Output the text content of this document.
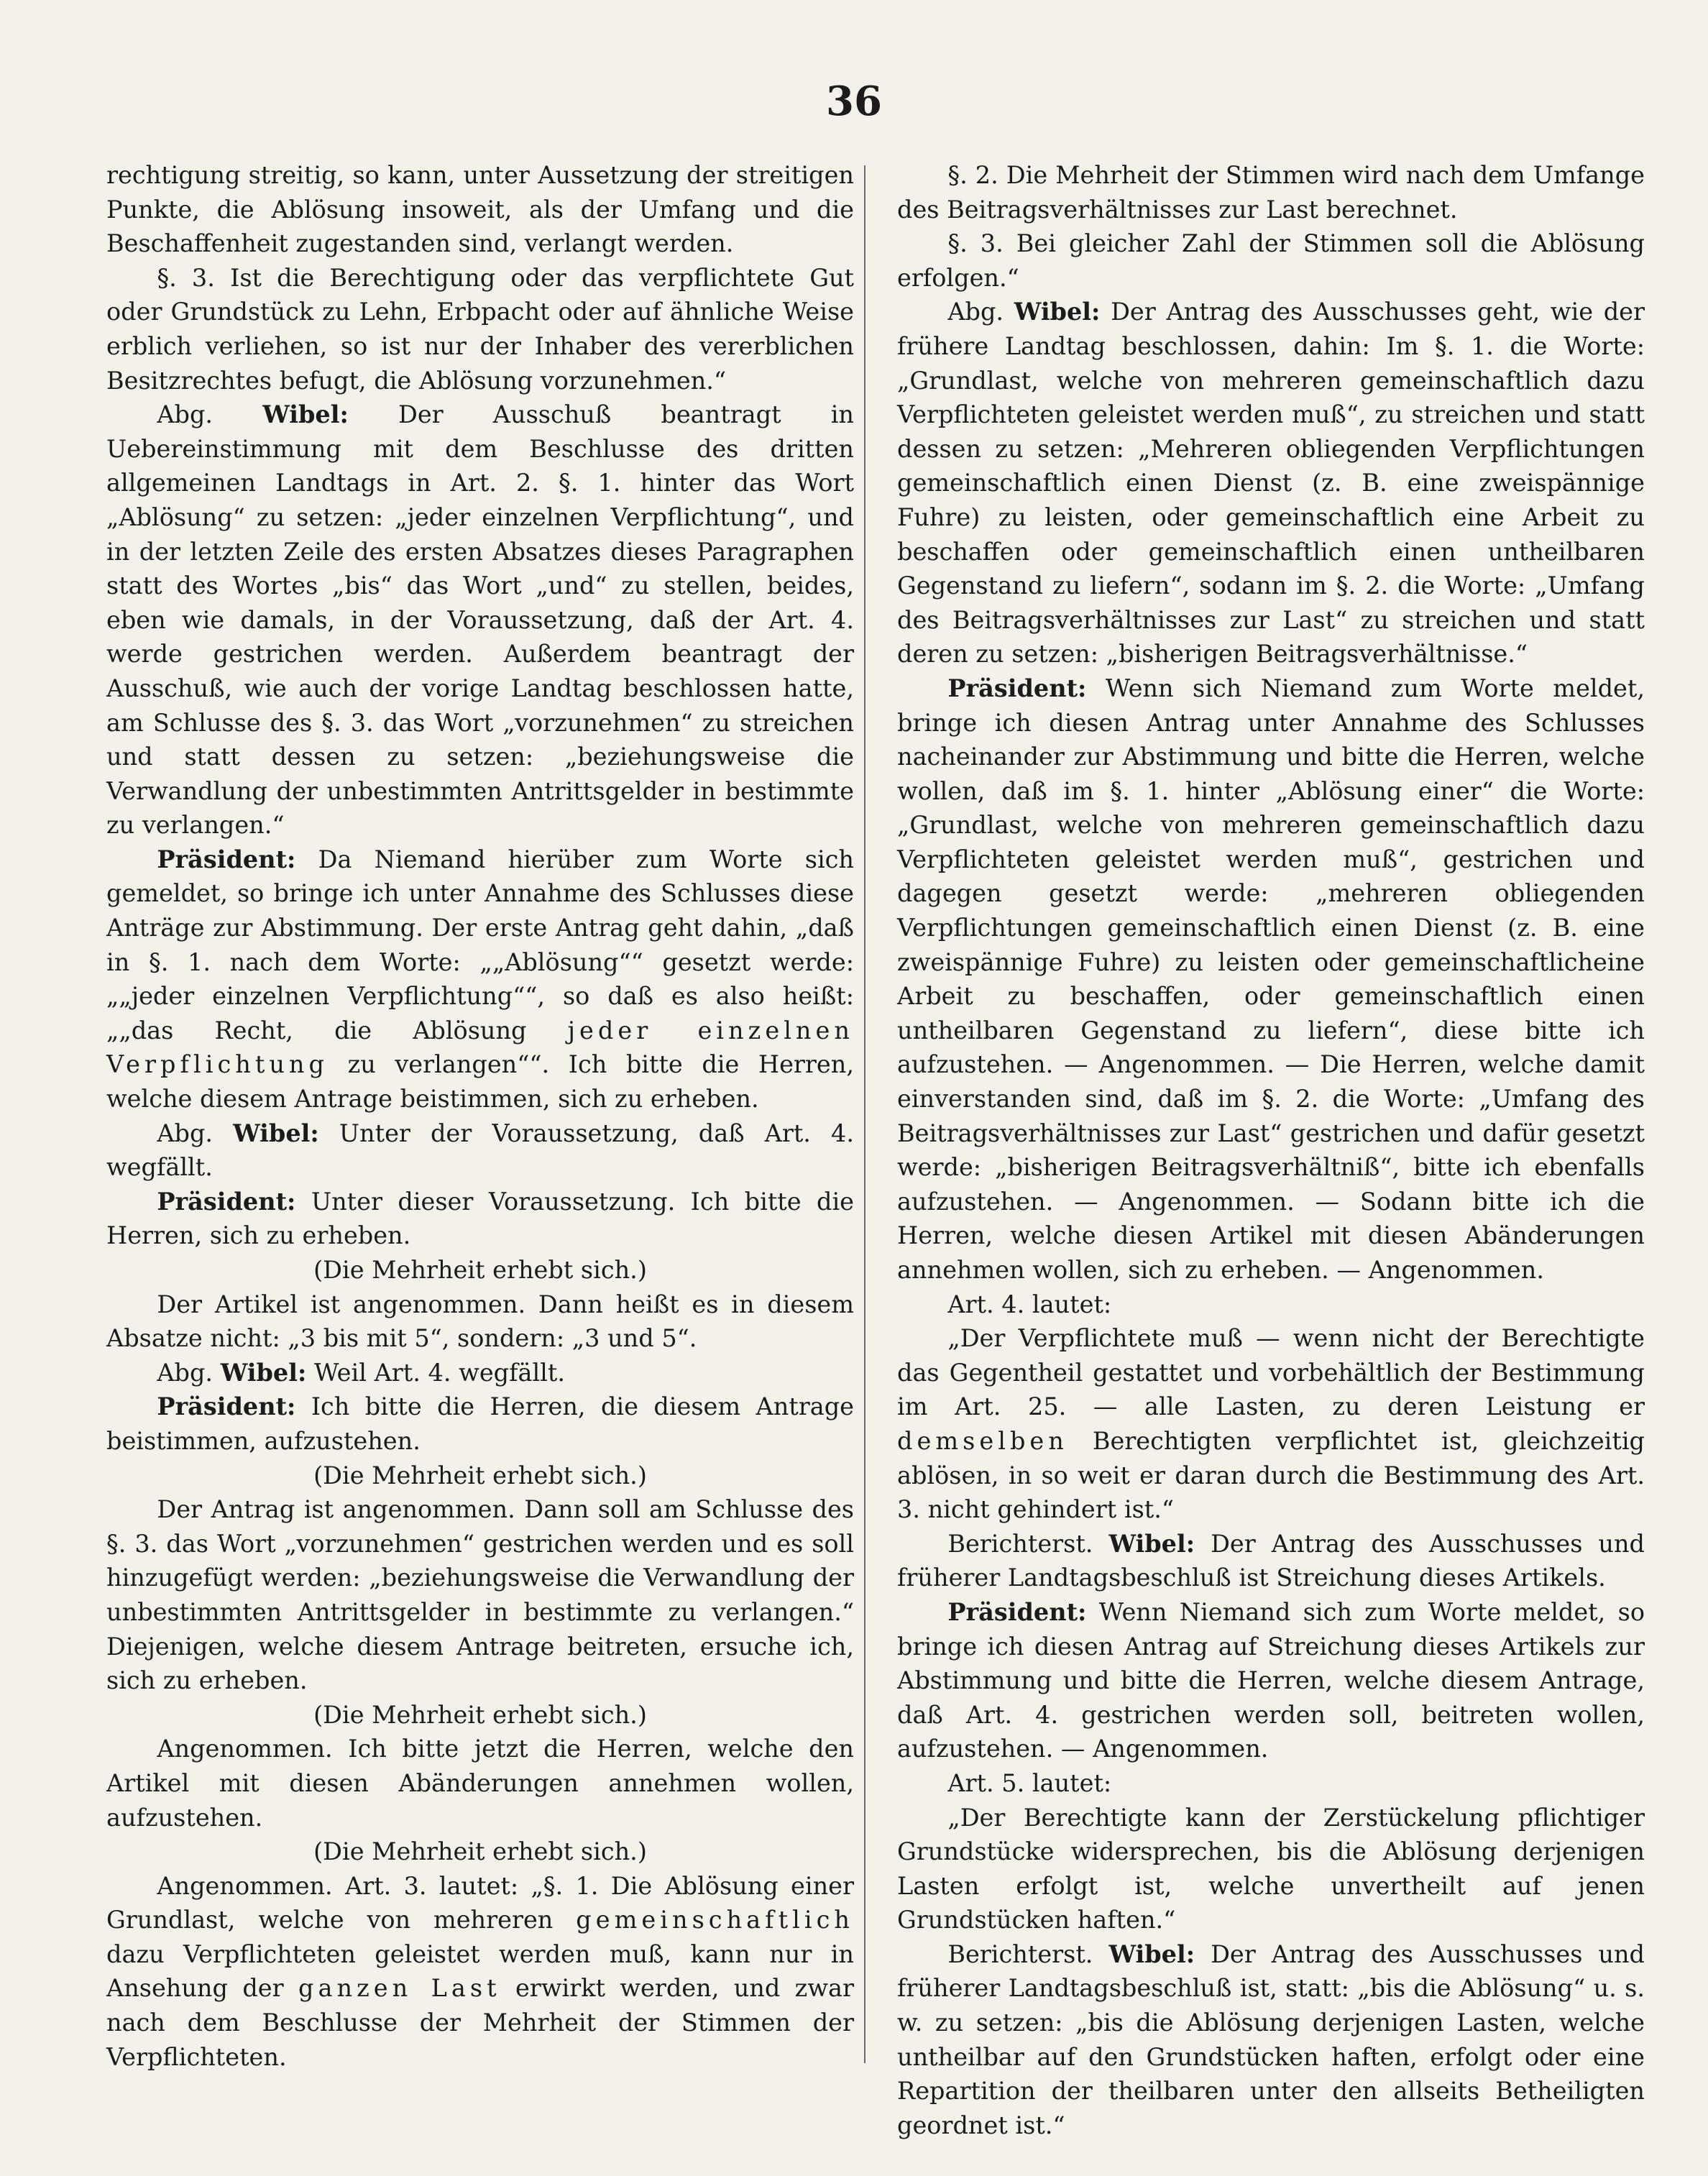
36

rechtigung streitig, so kann, unter Aussetzung der streitigen Punkte, die Ablösung insoweit, als der Umfang und die Beschaffenheit zugestanden sind, verlangt werden.

§. 3. Ist die Berechtigung oder das verpflichtete Gut oder Grundstück zu Lehn, Erbpacht oder auf ähnliche Weise erblich verliehen, so ist nur der Inhaber des vererblichen Besitzrechtes befugt, die Ablösung vorzunehmen.“

Abg. Wibel: Der Ausschuß beantragt in Uebereinstimmung mit dem Beschlusse des dritten allgemeinen Landtags in Art. 2. §. 1. hinter das Wort „Ablösung“ zu setzen: „jeder einzelnen Verpflichtung“, und in der letzten Zeile des ersten Absatzes dieses Paragraphen statt des Wortes „bis“ das Wort „und“ zu stellen, beides, eben wie damals, in der Voraussetzung, daß der Art. 4. werde gestrichen werden. Außerdem beantragt der Ausschuß, wie auch der vorige Landtag beschlossen hatte, am Schlusse des §. 3. das Wort „vorzunehmen“ zu streichen und statt dessen zu setzen: „beziehungsweise die Verwandlung der unbestimmten Antrittsgelder in bestimmte zu verlangen.“

Präsident: Da Niemand hierüber zum Worte sich gemeldet, so bringe ich unter Annahme des Schlusses diese Anträge zur Abstimmung. Der erste Antrag geht dahin, „daß in §. 1. nach dem Worte: „„Ablösung““ gesetzt werde: „„jeder einzelnen Verpflichtung““, so daß es also heißt: „„das Recht, die Ablösung jeder einzelnen Verpflichtung zu verlangen““. Ich bitte die Herren, welche diesem Antrage beistimmen, sich zu erheben.

Abg. Wibel: Unter der Voraussetzung, daß Art. 4. wegfällt.

Präsident: Unter dieser Voraussetzung. Ich bitte die Herren, sich zu erheben.

(Die Mehrheit erhebt sich.)

Der Artikel ist angenommen. Dann heißt es in diesem Absatze nicht: „3 bis mit 5“, sondern: „3 und 5“.

Abg. Wibel: Weil Art. 4. wegfällt.

Präsident: Ich bitte die Herren, die diesem Antrage beistimmen, aufzustehen.

(Die Mehrheit erhebt sich.)

Der Antrag ist angenommen. Dann soll am Schlusse des §. 3. das Wort „vorzunehmen“ gestrichen werden und es soll hinzugefügt werden: „beziehungsweise die Verwandlung der unbestimmten Antrittsgelder in bestimmte zu verlangen.“ Diejenigen, welche diesem Antrage beitreten, ersuche ich, sich zu erheben.

(Die Mehrheit erhebt sich.)

Angenommen. Ich bitte jetzt die Herren, welche den Artikel mit diesen Abänderungen annehmen wollen, aufzustehen.

(Die Mehrheit erhebt sich.)

Angenommen. Art. 3. lautet: „§. 1. Die Ablösung einer Grundlast, welche von mehreren gemeinschaftlich dazu Verpflichteten geleistet werden muß, kann nur in Ansehung der ganzen Last erwirkt werden, und zwar nach dem Beschlusse der Mehrheit der Stimmen der Verpflichteten.

§. 2. Die Mehrheit der Stimmen wird nach dem Umfange des Beitragsverhältnisses zur Last berechnet.

§. 3. Bei gleicher Zahl der Stimmen soll die Ablösung erfolgen.“

Abg. Wibel: Der Antrag des Ausschusses geht, wie der frühere Landtag beschlossen, dahin: Im §. 1. die Worte: „Grundlast, welche von mehreren gemeinschaftlich dazu Verpflichteten geleistet werden muß“, zu streichen und statt dessen zu setzen: „Mehreren obliegenden Verpflichtungen gemeinschaftlich einen Dienst (z. B. eine zweispännige Fuhre) zu leisten, oder gemeinschaftlich eine Arbeit zu beschaffen oder gemeinschaftlich einen untheilbaren Gegenstand zu liefern“, sodann im §. 2. die Worte: „Umfang des Beitragsverhältnisses zur Last“ zu streichen und statt deren zu setzen: „bisherigen Beitragsverhältnisse.“

Präsident: Wenn sich Niemand zum Worte meldet, bringe ich diesen Antrag unter Annahme des Schlusses nacheinander zur Abstimmung und bitte die Herren, welche wollen, daß im §. 1. hinter „Ablösung einer“ die Worte: „Grundlast, welche von mehreren gemeinschaftlich dazu Verpflichteten geleistet werden muß“, gestrichen und dagegen gesetzt werde: „mehreren obliegenden Verpflichtungen gemeinschaftlich einen Dienst (z. B. eine zweispännige Fuhre) zu leisten oder gemeinschaftlicheine Arbeit zu beschaffen, oder gemeinschaftlich einen untheilbaren Gegenstand zu liefern“, diese bitte ich aufzustehen. — Angenommen. — Die Herren, welche damit einverstanden sind, daß im §. 2. die Worte: „Umfang des Beitragsverhältnisses zur Last“ gestrichen und dafür gesetzt werde: „bisherigen Beitragsverhältniß“, bitte ich ebenfalls aufzustehen. — Angenommen. — Sodann bitte ich die Herren, welche diesen Artikel mit diesen Abänderungen annehmen wollen, sich zu erheben. — Angenommen.

Art. 4. lautet:

„Der Verpflichtete muß — wenn nicht der Berechtigte das Gegentheil gestattet und vorbehältlich der Bestimmung im Art. 25. — alle Lasten, zu deren Leistung er demselben Berechtigten verpflichtet ist, gleichzeitig ablösen, in so weit er daran durch die Bestimmung des Art. 3. nicht gehindert ist.“

Berichterst. Wibel: Der Antrag des Ausschusses und früherer Landtagsbeschluß ist Streichung dieses Artikels.

Präsident: Wenn Niemand sich zum Worte meldet, so bringe ich diesen Antrag auf Streichung dieses Artikels zur Abstimmung und bitte die Herren, welche diesem Antrage, daß Art. 4. gestrichen werden soll, beitreten wollen, aufzustehen. — Angenommen.

Art. 5. lautet:

„Der Berechtigte kann der Zerstückelung pflichtiger Grundstücke widersprechen, bis die Ablösung derjenigen Lasten erfolgt ist, welche unvertheilt auf jenen Grundstücken haften.“

Berichterst. Wibel: Der Antrag des Ausschusses und früherer Landtagsbeschluß ist, statt: „bis die Ablösung“ u. s. w. zu setzen: „bis die Ablösung derjenigen Lasten, welche untheilbar auf den Grundstücken haften, erfolgt oder eine Repartition der theilbaren unter den allseits Betheiligten geordnet ist.“
